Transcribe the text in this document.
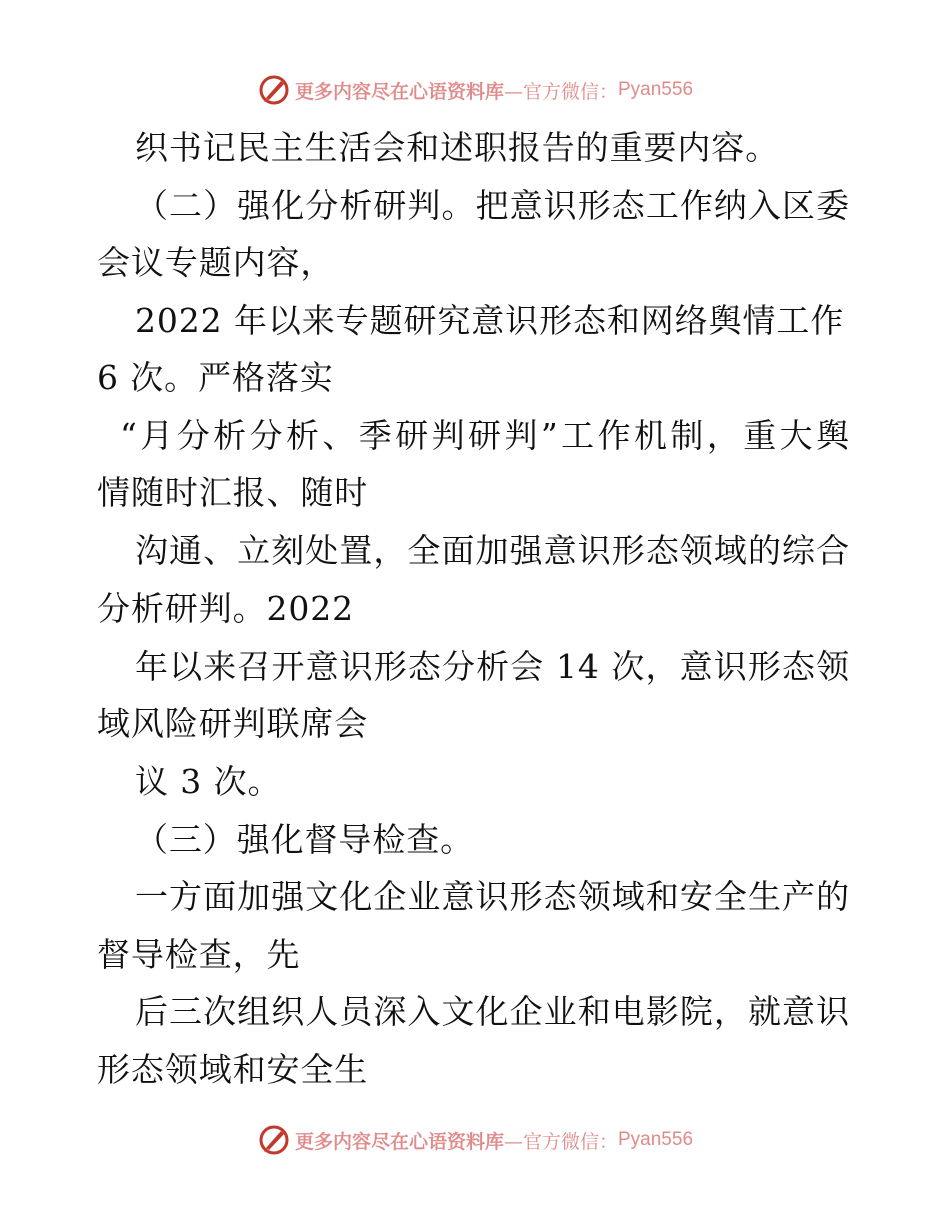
更多内容尽在心语资料库 —官方微信： Pyan556
织书记民主生活会和述职报告的重要内容。
（二）强化分析研判。把意识形态工作纳入区委
会议专题内容，
2022 年以来专题研究意识形态和网络舆情工作
6 次。严格落实
“月分析分析、季研判研判”工作机制，重大舆
情随时汇报、随时
沟通、立刻处置，全面加强意识形态领域的综合
分析研判。2022
年以来召开意识形态分析会 14 次，意识形态领
域风险研判联席会
议 3 次。
（三）强化督导检查。
一方面加强文化企业意识形态领域和安全生产的
督导检查，先
后三次组织人员深入文化企业和电影院，就意识
形态领域和安全生
更多内容尽在心语资料库 —官方微信： Pyan556
